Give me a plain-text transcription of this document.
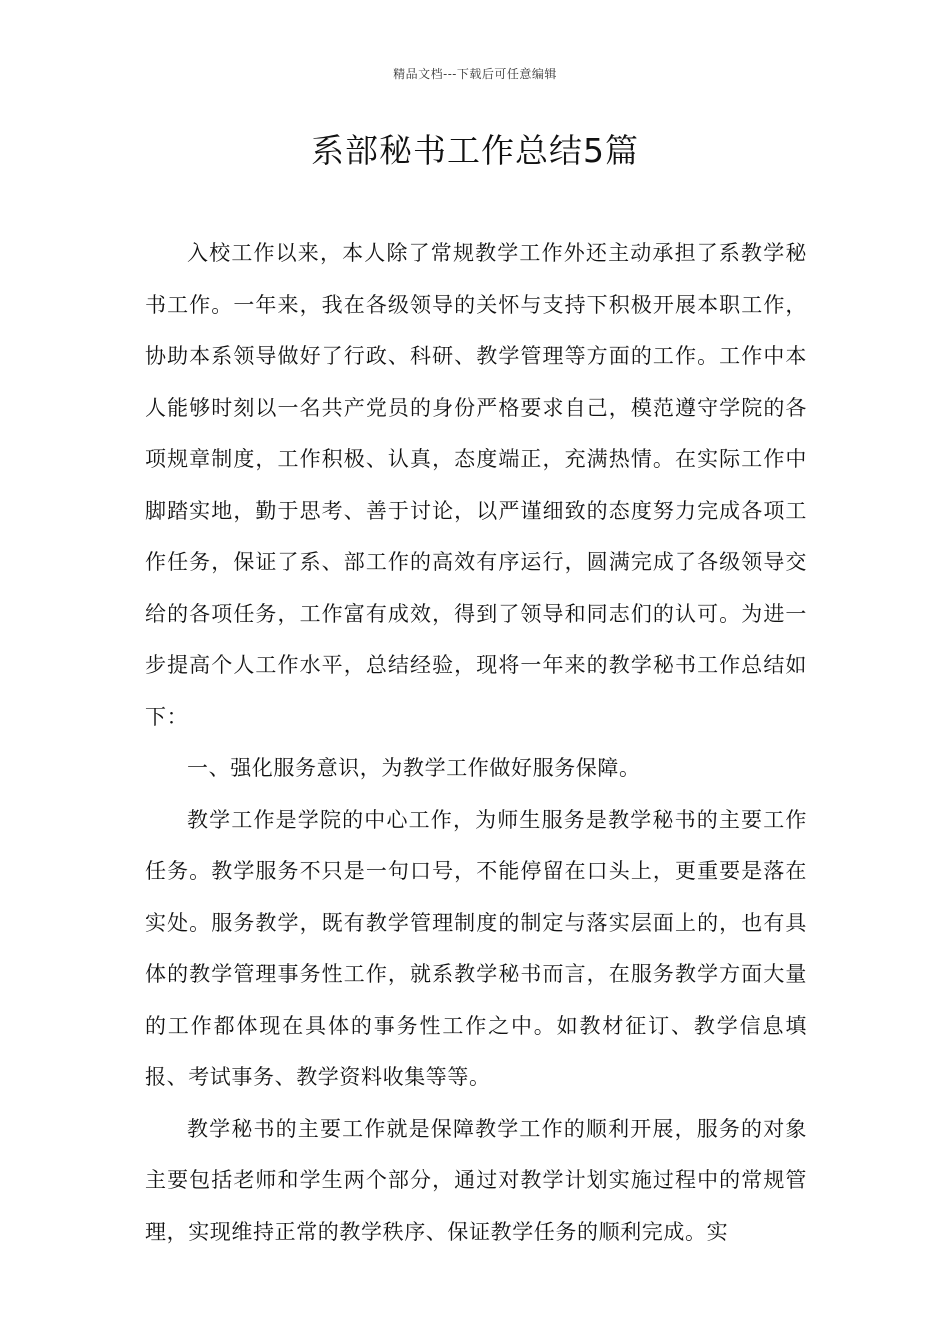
精品文档---下载后可任意编辑
系部秘书工作总结5篇

入校工作以来，本人除了常规教学工作外还主动承担了系教学秘书工作。一年来，我在各级领导的关怀与支持下积极开展本职工作，协助本系领导做好了行政、科研、教学管理等方面的工作。工作中本人能够时刻以一名共产党员的身份严格要求自己，模范遵守学院的各项规章制度，工作积极、认真，态度端正，充满热情。在实际工作中脚踏实地，勤于思考、善于讨论，以严谨细致的态度努力完成各项工作任务，保证了系、部工作的高效有序运行，圆满完成了各级领导交给的各项任务，工作富有成效，得到了领导和同志们的认可。为进一步提高个人工作水平，总结经验，现将一年来的教学秘书工作总结如下：

一、强化服务意识，为教学工作做好服务保障。

教学工作是学院的中心工作，为师生服务是教学秘书的主要工作任务。教学服务不只是一句口号，不能停留在口头上，更重要是落在实处。服务教学，既有教学管理制度的制定与落实层面上的，也有具体的教学管理事务性工作，就系教学秘书而言，在服务教学方面大量的工作都体现在具体的事务性工作之中。如教材征订、教学信息填报、考试事务、教学资料收集等等。

教学秘书的主要工作就是保障教学工作的顺利开展，服务的对象主要包括老师和学生两个部分，通过对教学计划实施过程中的常规管理，实现维持正常的教学秩序、保证教学任务的顺利完成。实
